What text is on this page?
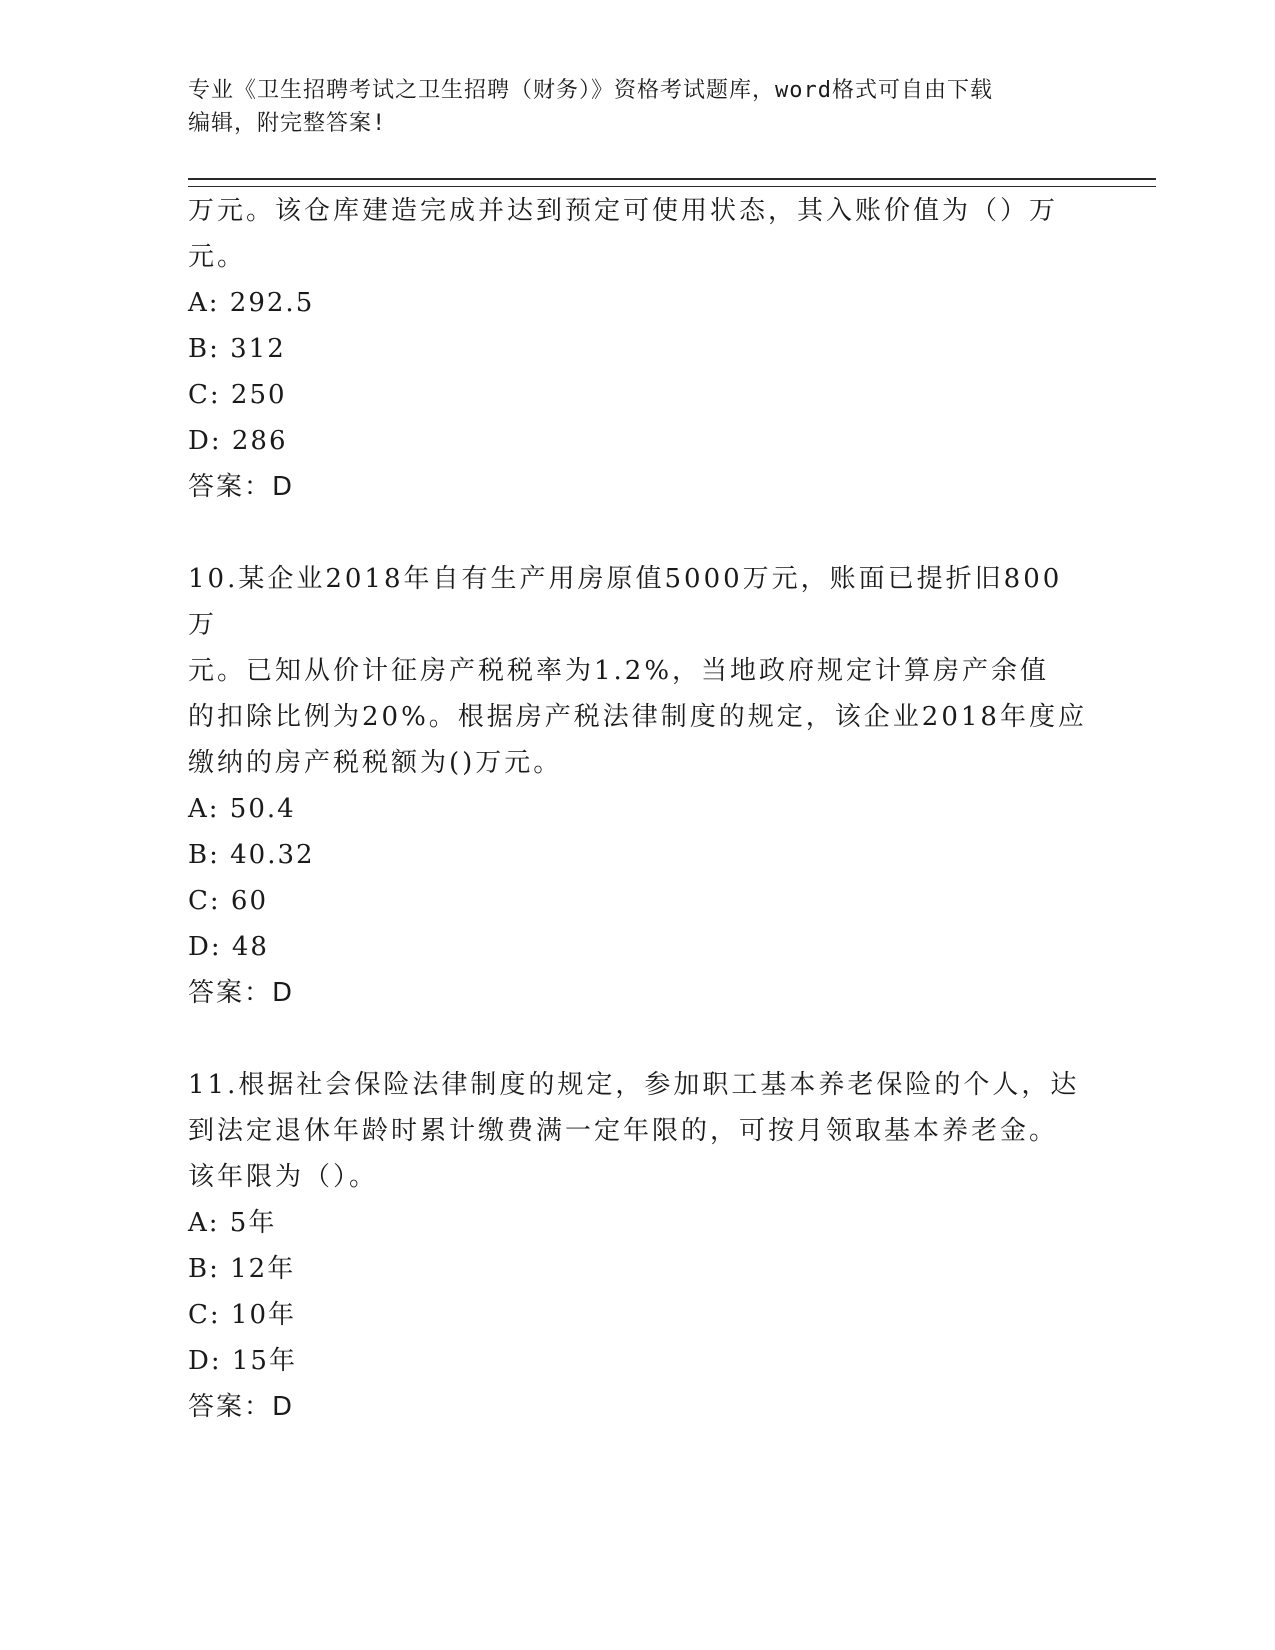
专业《卫生招聘考试之卫生招聘（财务）》资格考试题库，word格式可自由下载
编辑，附完整答案!

万元。该仓库建造完成并达到预定可使用状态，其入账价值为（）万

元。

A: 292.5

B: 312

C: 250

D: 286

答案：D

10.某企业2018年自有生产用房原值5000万元，账面已提折旧800万

元。已知从价计征房产税税率为1.2%，当地政府规定计算房产余值

的扣除比例为20%。根据房产税法律制度的规定，该企业2018年度应

缴纳的房产税税额为()万元。

A: 50.4

B: 40.32

C: 60

D: 48

答案：D

11.根据社会保险法律制度的规定，参加职工基本养老保险的个人，达

到法定退休年龄时累计缴费满一定年限的，可按月领取基本养老金。

该年限为（）。

A: 5年

B: 12年

C: 10年

D: 15年

答案：D
